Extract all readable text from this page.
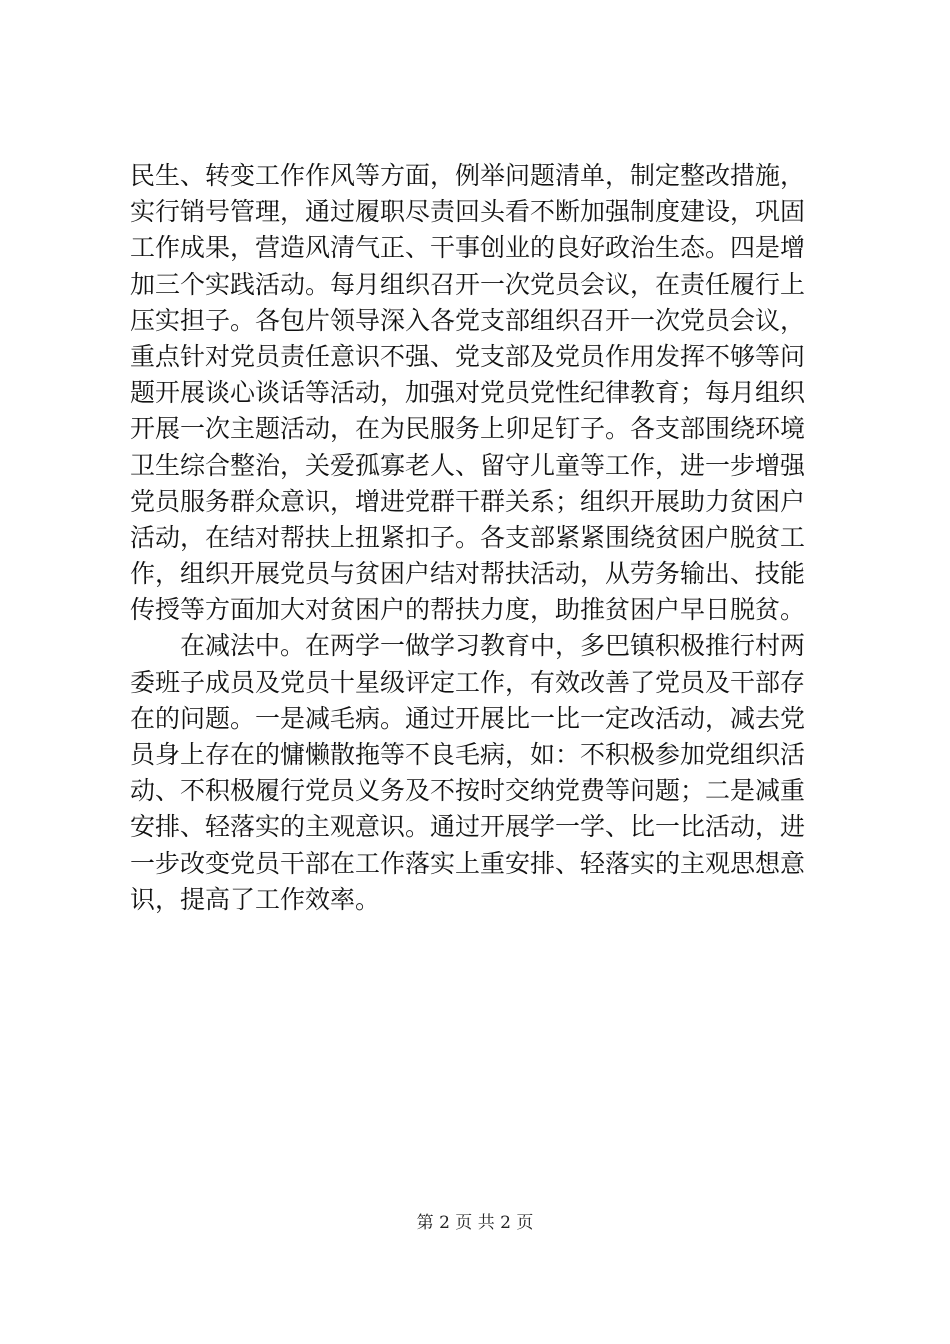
民生、转变工作作风等方面，例举问题清单，制定整改措施，
实行销号管理，通过履职尽责回头看不断加强制度建设，巩固
工作成果，营造风清气正、干事创业的良好政治生态。四是增
加三个实践活动。每月组织召开一次党员会议，在责任履行上
压实担子。各包片领导深入各党支部组织召开一次党员会议，
重点针对党员责任意识不强、党支部及党员作用发挥不够等问
题开展谈心谈话等活动，加强对党员党性纪律教育；每月组织
开展一次主题活动，在为民服务上卯足钉子。各支部围绕环境
卫生综合整治，关爱孤寡老人、留守儿童等工作，进一步增强
党员服务群众意识，增进党群干群关系；组织开展助力贫困户
活动，在结对帮扶上扭紧扣子。各支部紧紧围绕贫困户脱贫工
作，组织开展党员与贫困户结对帮扶活动，从劳务输出、技能
传授等方面加大对贫困户的帮扶力度，助推贫困户早日脱贫。
　　在减法中。在两学一做学习教育中，多巴镇积极推行村两
委班子成员及党员十星级评定工作，有效改善了党员及干部存
在的问题。一是减毛病。通过开展比一比一定改活动，减去党
员身上存在的慵懒散拖等不良毛病，如：不积极参加党组织活
动、不积极履行党员义务及不按时交纳党费等问题；二是减重
安排、轻落实的主观意识。通过开展学一学、比一比活动，进
一步改变党员干部在工作落实上重安排、轻落实的主观思想意
识，提高了工作效率。
第 2 页 共 2 页
